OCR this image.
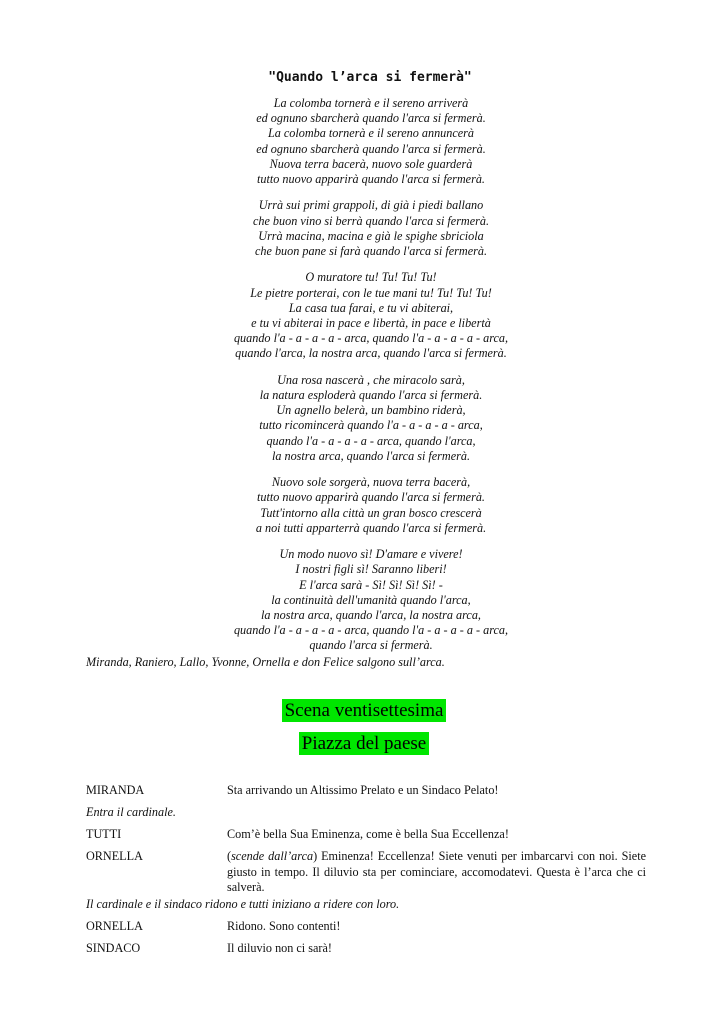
"Quando l’arca si fermerà"
La colomba tornerà e il sereno arriverà
ed ognuno sbarcherà quando l'arca si fermerà.
La colomba tornerà e il sereno annuncerà
ed ognuno sbarcherà quando l'arca si fermerà.
Nuova terra bacerà, nuovo sole guarderà
tutto nuovo apparirà quando l'arca si fermerà.
Urrà sui primi grappoli, di già i piedi ballano
che buon vino si berrà quando l'arca si fermerà.
Urrà macina, macina e già le spighe sbriciola
che buon pane si farà quando l'arca si fermerà.
O muratore tu! Tu! Tu! Tu!
Le pietre porterai, con le tue mani tu! Tu! Tu! Tu!
La casa tua farai, e tu vi abiterai,
e tu vi abiterai in pace e libertà, in pace e libertà
quando l'a - a - a - a - arca, quando l'a - a - a - a - arca,
quando l'arca, la nostra arca, quando l'arca si fermerà.
Una rosa nascerà , che miracolo sarà,
la natura esploderà quando l'arca si fermerà.
Un agnello belerà, un bambino riderà,
tutto ricomincerà quando l'a - a - a - a - arca,
quando l'a - a - a - a - arca, quando l'arca,
la nostra arca, quando l'arca si fermerà.
Nuovo sole sorgerà, nuova terra bacerà,
tutto nuovo apparirà quando l'arca si fermerà.
Tutt'intorno alla città un gran bosco crescerà
a noi tutti apparterrà quando l'arca si fermerà.
Un modo nuovo sì! D'amare e vivere!
I nostri figli sì! Saranno liberi!
E l'arca sarà - Sì! Sì! Sì! Sì! -
la continuità dell'umanità quando l'arca,
la nostra arca, quando l'arca, la nostra arca,
quando l'a - a - a - a - arca, quando l'a - a - a - a - arca,
quando l'arca si fermerà.
Miranda, Raniero, Lallo, Yvonne, Ornella e don Felice salgono sull’arca.
Scena ventisettesima
Piazza del paese
MIRANDA	Sta arrivando un Altissimo Prelato e un Sindaco Pelato!
Entra il cardinale.
TUTTI	Com’è bella Sua Eminenza, come è bella Sua Eccellenza!
ORNELLA	(scende dall’arca) Eminenza! Eccellenza! Siete venuti per imbarcarvi con noi. Siete giusto in tempo. Il diluvio sta per cominciare, accomodatevi. Questa è l’arca che ci salverà.
Il cardinale e il sindaco ridono e tutti iniziano a ridere con loro.
ORNELLA	Ridono. Sono contenti!
SINDACO	Il diluvio non ci sarà!
